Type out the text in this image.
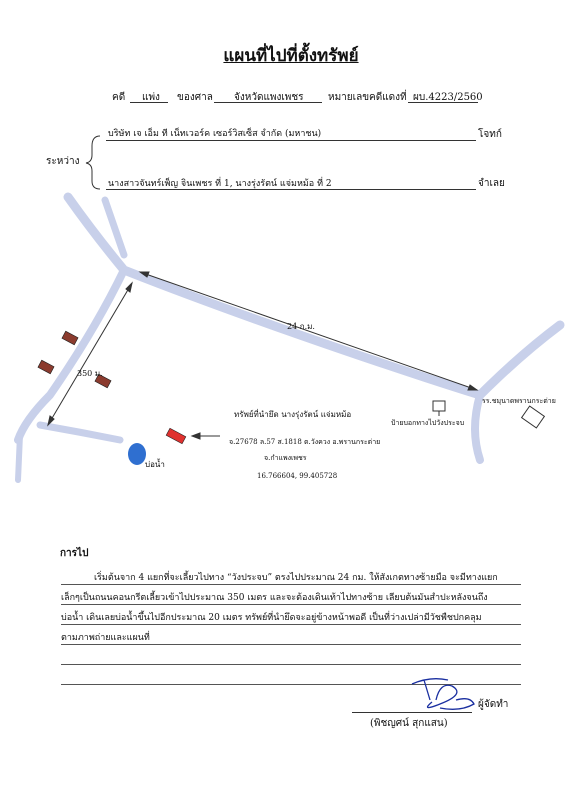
แผนที่ไปที่ตั้งทรัพย์
คดี แพ่ง ของศาล จังหวัดแพงเพชร หมายเลขคดีแดงที่ ผบ.4223/2560
ระหว่าง
บริษัท เจ เอ็ม ที เน็ทเวอร์ค เซอร์วิสเซ็ส จำกัด (มหาชน)	โจทก์
นางสาวจันทร์เพ็ญ จินเพชร ที่ 1, นางรุ่งรัตน์ แจ่มหม้อ ที่ 2	จำเลย
24 ก.ม.
350 ม.
รร.ชมุนาดพรานกระต่าย
ป้ายบอกทางไปวังประจบ
บ่อน้ำ
ทรัพย์ที่นำยึด นางรุ่งรัตน์ แจ่มหม้อ
จ.27678 ล.57 ส.1818 ต.วังควง อ.พรานกระต่าย
จ.กำแพงเพชร
16.766604, 99.405728
การไป
เริ่มต้นจาก 4 แยกที่จะเลี้ยวไปทาง “วังประจบ” ตรงไปประมาณ 24 กม. ให้สังเกตทางซ้ายมือ จะมีทางแยก
เล็กๆเป็นถนนคอนกรีตเลี้ยวเข้าไปประมาณ 350 เมตร และจะต้องเดินเท้าไปทางซ้าย เลียบต้นมันสำปะหลังจนถึง
บ่อน้ำ เดินเลยบ่อน้ำขึ้นไปอีกประมาณ 20 เมตร ทรัพย์ที่นำยึดจะอยู่ข้างหน้าพอดี เป็นที่ว่างเปล่ามีวัชพืชปกคลุม
ตามภาพถ่ายและแผนที่
ผู้จัดทำ
(พิชญศน์ สุกแสน)
